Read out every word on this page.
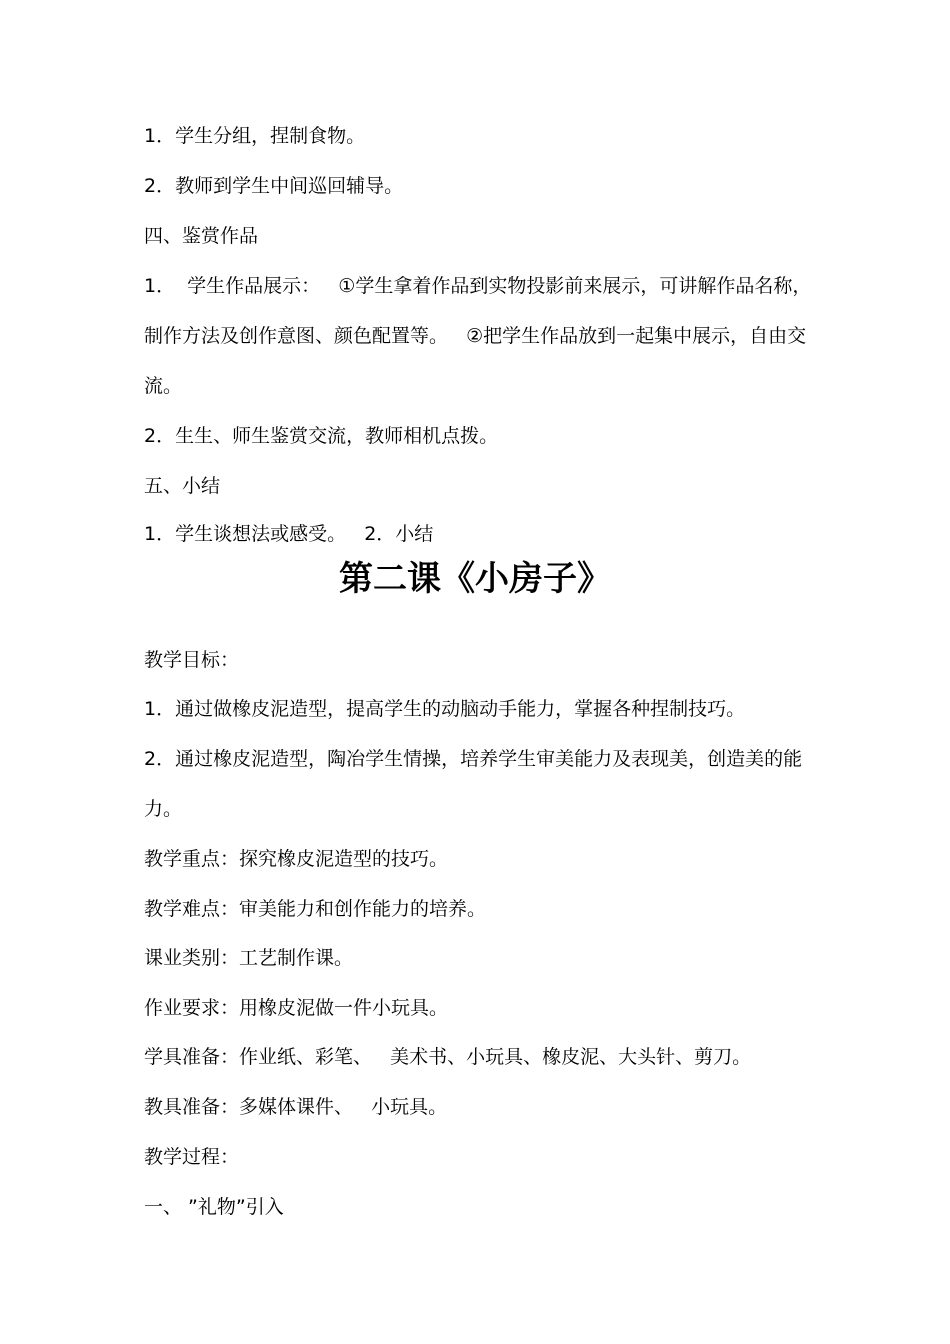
1．学生分组，捏制食物。
2．教师到学生中间巡回辅导。
四、鉴赏作品
1．  学生作品展示：   ①学生拿着作品到实物投影前来展示，可讲解作品名称，
制作方法及创作意图、颜色配置等。   ②把学生作品放到一起集中展示，自由交
流。
2．生生、师生鉴赏交流，教师相机点拨。
五、小结
1．学生谈想法或感受。   2．小结
第二课《小房子》
教学目标：
1．通过做橡皮泥造型，提高学生的动脑动手能力，掌握各种捏制技巧。
2．通过橡皮泥造型，陶冶学生情操，培养学生审美能力及表现美，创造美的能
力。
教学重点：探究橡皮泥造型的技巧。
教学难点：审美能力和创作能力的培养。
课业类别：工艺制作课。
作业要求：用橡皮泥做一件小玩具。
学具准备：作业纸、彩笔、   美术书、小玩具、橡皮泥、大头针、剪刀。
教具准备：多媒体课件、   小玩具。
教学过程：
一、 ”礼物”引入
